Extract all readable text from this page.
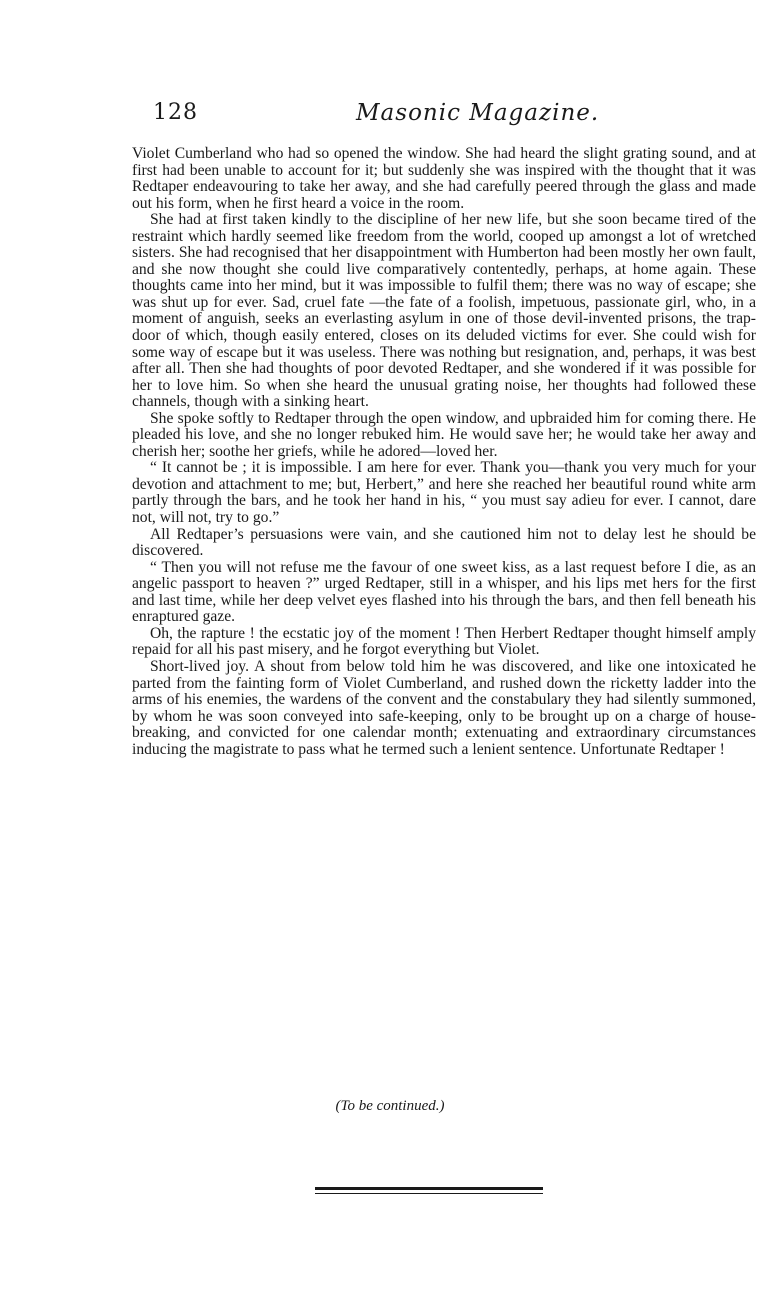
128	Masonic Magazine.

Violet Cumberland who had so opened the window. She had heard the slight grating sound, and at first had been unable to account for it; but suddenly she was inspired with the thought that it was Redtaper endeavouring to take her away, and she had carefully peered through the glass and made out his form, when he first heard a voice in the room.

She had at first taken kindly to the discipline of her new life, but she soon became tired of the restraint which hardly seemed like freedom from the world, cooped up amongst a lot of wretched sisters. She had recognised that her disappointment with Humberton had been mostly her own fault, and she now thought she could live comparatively contentedly, perhaps, at home again. These thoughts came into her mind, but it was impossible to fulfil them; there was no way of escape; she was shut up for ever. Sad, cruel fate —the fate of a foolish, impetuous, passionate girl, who, in a moment of anguish, seeks an everlasting asylum in one of those devil-invented prisons, the trap-door of which, though easily entered, closes on its deluded victims for ever. She could wish for some way of escape but it was useless. There was nothing but resignation, and, perhaps, it was best after all. Then she had thoughts of poor devoted Redtaper, and she wondered if it was possible for her to love him. So when she heard the unusual grating noise, her thoughts had followed these channels, though with a sinking heart.

She spoke softly to Redtaper through the open window, and upbraided him for coming there. He pleaded his love, and she no longer rebuked him. He would save her; he would take her away and cherish her; soothe her griefs, while he adored—loved her.

“ It cannot be ; it is impossible. I am here for ever. Thank you—thank you very much for your devotion and attachment to me; but, Herbert,” and here she reached her beautiful round white arm partly through the bars, and he took her hand in his, “ you must say adieu for ever. I cannot, dare not, will not, try to go.”

All Redtaper’s persuasions were vain, and she cautioned him not to delay lest he should be discovered.

“ Then you will not refuse me the favour of one sweet kiss, as a last request before I die, as an angelic passport to heaven ?” urged Redtaper, still in a whisper, and his lips met hers for the first and last time, while her deep velvet eyes flashed into his through the bars, and then fell beneath his enraptured gaze.

Oh, the rapture ! the ecstatic joy of the moment ! Then Herbert Redtaper thought himself amply repaid for all his past misery, and he forgot everything but Violet.

Short-lived joy. A shout from below told him he was discovered, and like one intoxicated he parted from the fainting form of Violet Cumberland, and rushed down the ricketty ladder into the arms of his enemies, the wardens of the convent and the constabulary they had silently summoned, by whom he was soon conveyed into safe-keeping, only to be brought up on a charge of house-breaking, and convicted for one calendar month; extenuating and extraordinary circumstances inducing the magistrate to pass what he termed such a lenient sentence. Unfortunate Redtaper !

(To be continued.)
